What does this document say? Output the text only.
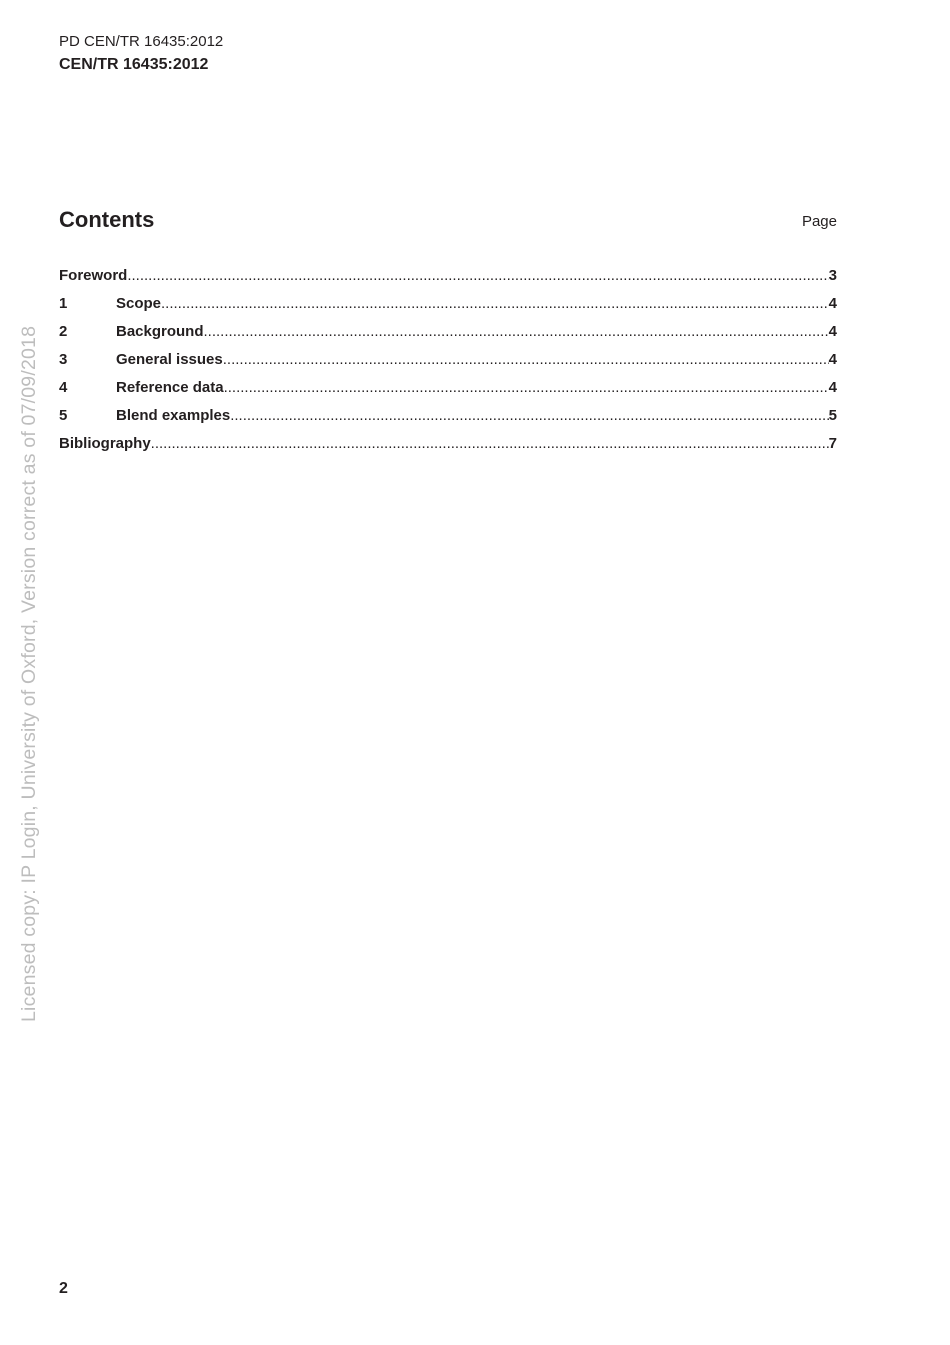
PD CEN/TR 16435:2012
CEN/TR 16435:2012
Contents	Page
Foreword .....	3
1	Scope .....	4
2	Background .....	4
3	General issues .....	4
4	Reference data .....	4
5	Blend examples .....	5
Bibliography .....	7
Licensed copy: IP Login, University of Oxford, Version correct as of 07/09/2018
2
